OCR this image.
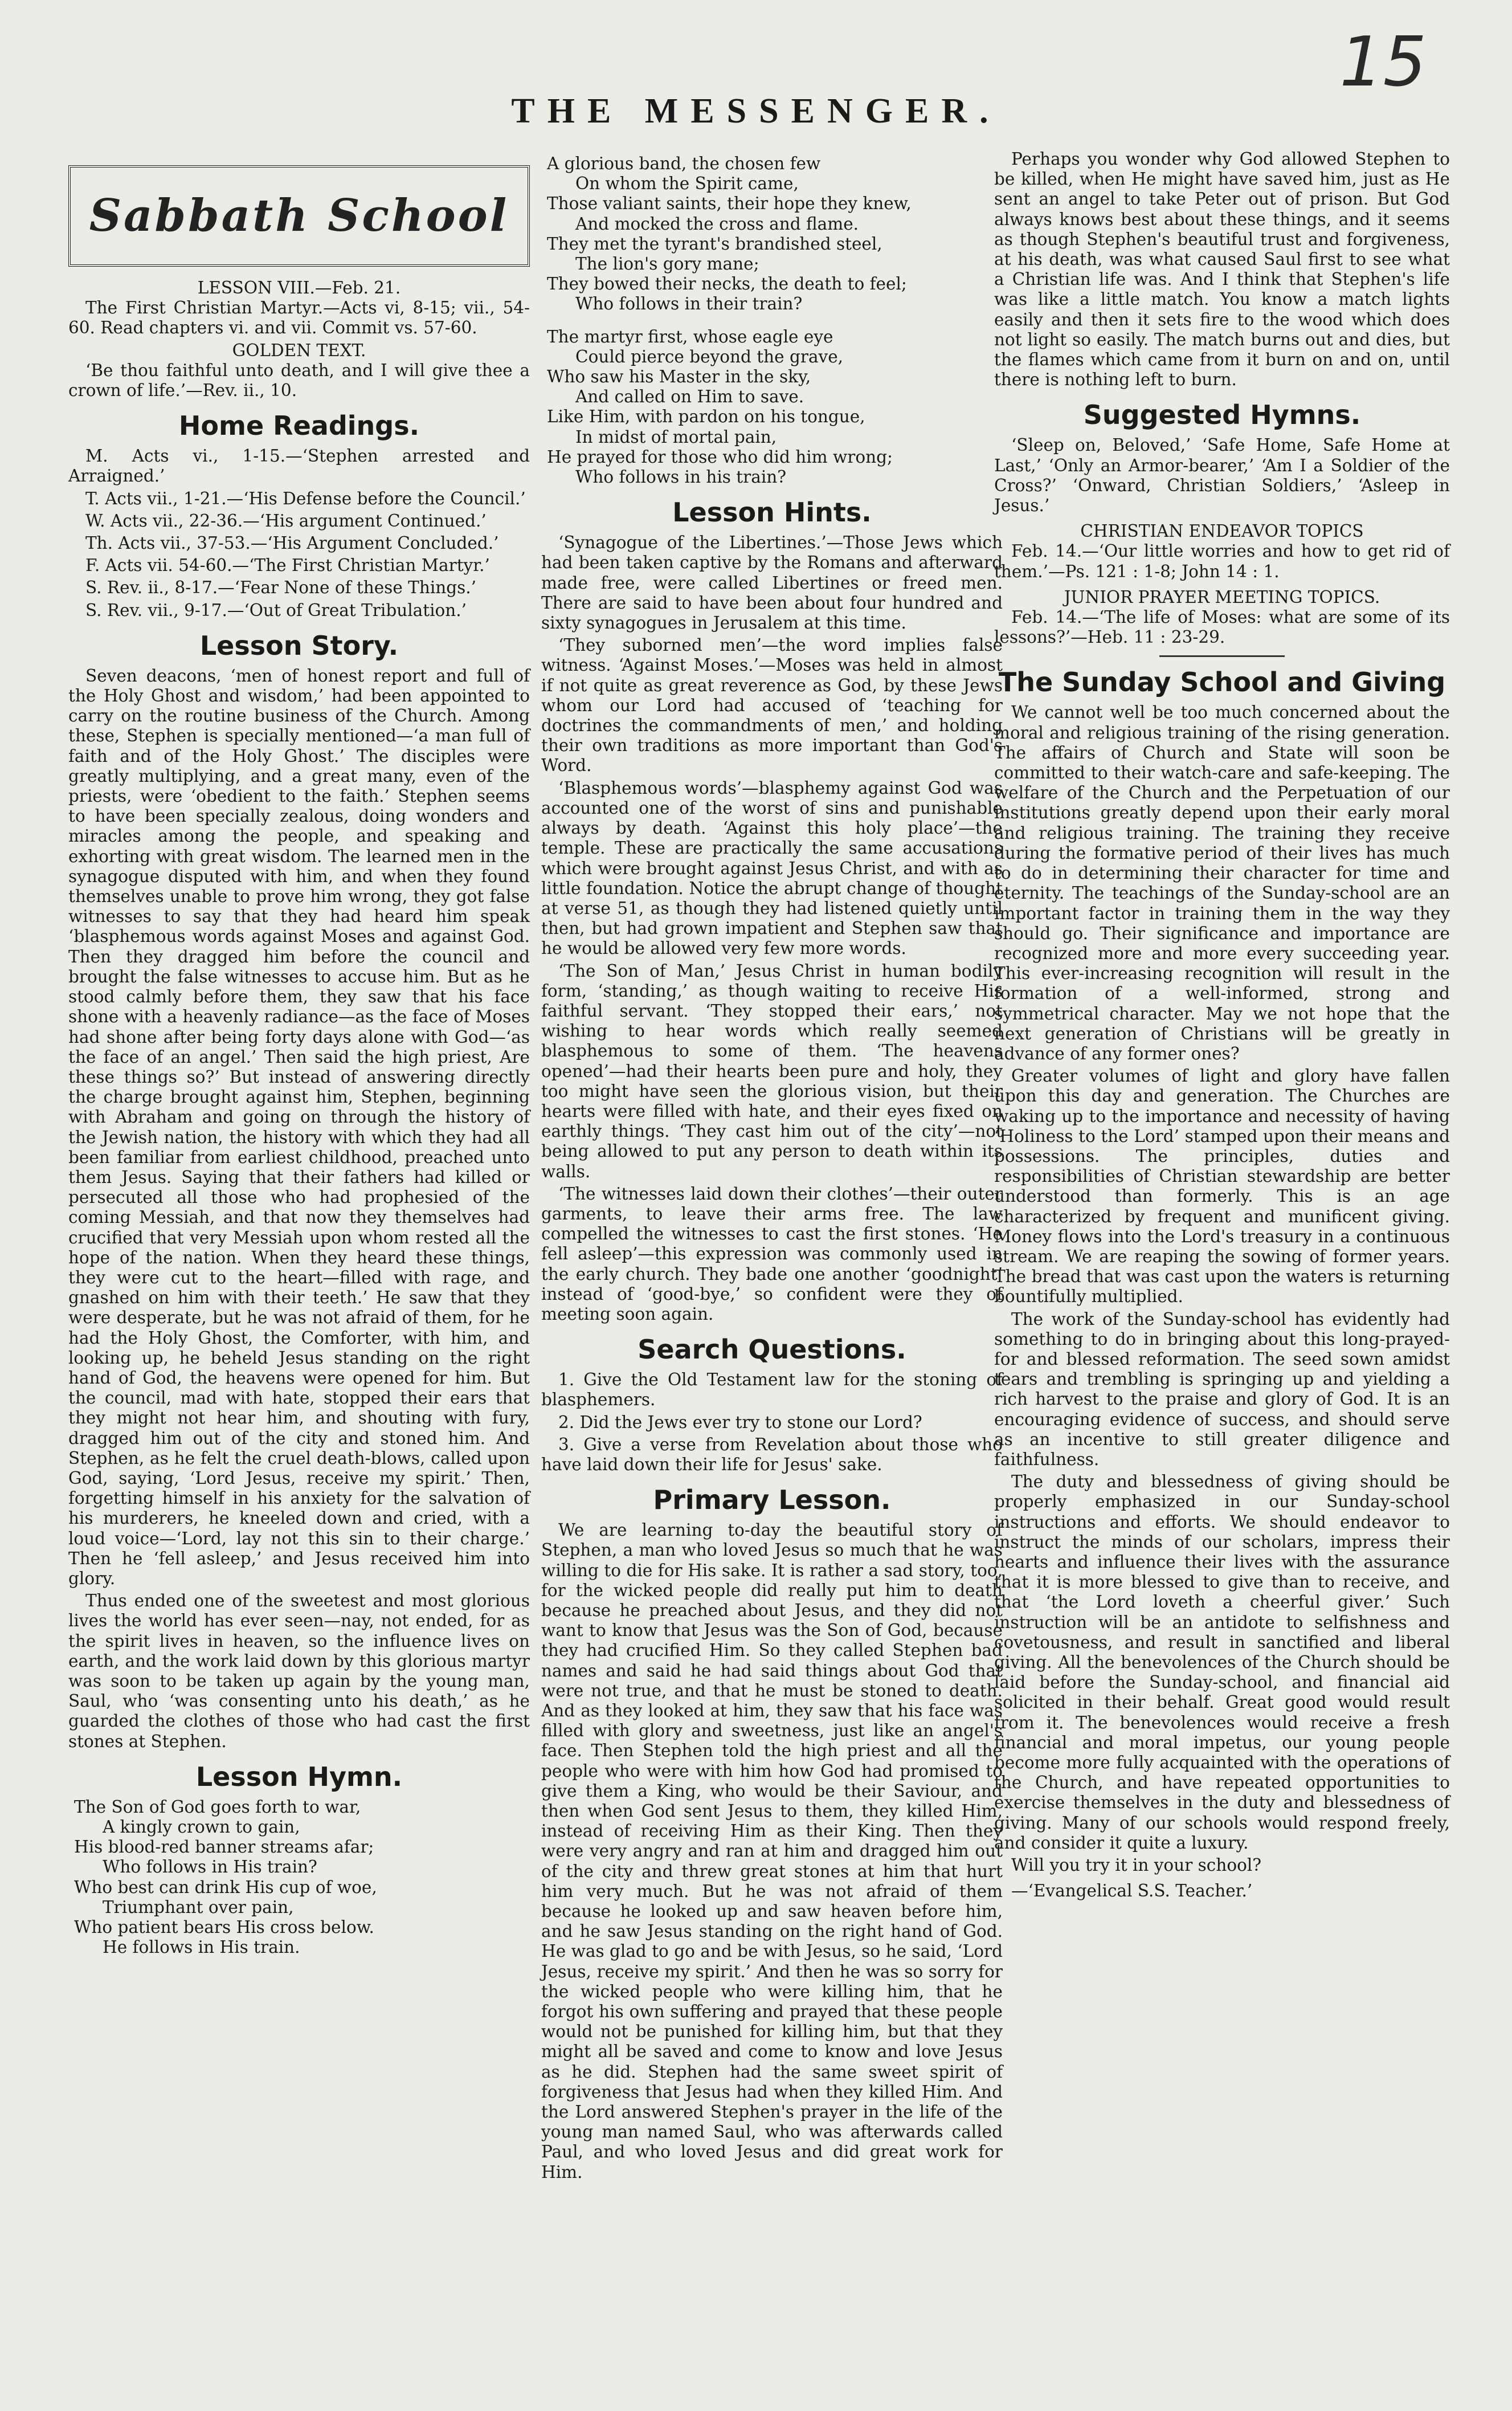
15
THE MESSENGER.
Sabbath School
LESSON VIII.—Feb. 21.

The First Christian Martyr.—Acts vi, 8-15; vii., 54-60. Read chapters vi. and vii. Commit vs. 57-60.

GOLDEN TEXT.

‘Be thou faithful unto death, and I will give thee a crown of life.’—Rev. ii., 10.

Home Readings.

M. Acts vi., 1-15.—‘Stephen arrested and Arraigned.’

T. Acts vii., 1-21.—‘His Defense before the Council.’

W. Acts vii., 22-36.—‘His argument Continued.’

Th. Acts vii., 37-53.—‘His Argument Concluded.’

F. Acts vii. 54-60.—‘The First Christian Martyr.’

S. Rev. ii., 8-17.—‘Fear None of these Things.’

S. Rev. vii., 9-17.—‘Out of Great Tribulation.’

Lesson Story.

Seven deacons, ‘men of honest report and full of the Holy Ghost and wisdom,’ had been appointed to carry on the routine business of the Church. Among these, Stephen is specially mentioned—‘a man full of faith and of the Holy Ghost.’ The disciples were greatly multiplying, and a great many, even of the priests, were ‘obedient to the faith.’ Stephen seems to have been specially zealous, doing wonders and miracles among the people, and speaking and exhorting with great wisdom. The learned men in the synagogue disputed with him, and when they found themselves unable to prove him wrong, they got false witnesses to say that they had heard him speak ‘blasphemous words against Moses and against God. Then they dragged him before the council and brought the false witnesses to accuse him. But as he stood calmly before them, they saw that his face shone with a heavenly radiance—as the face of Moses had shone after being forty days alone with God—‘as the face of an angel.’ Then said the high priest, Are these things so?’ But instead of answering directly the charge brought against him, Stephen, beginning with Abraham and going on through the history of the Jewish nation, the history with which they had all been familiar from earliest childhood, preached unto them Jesus. Saying that their fathers had killed or persecuted all those who had prophesied of the coming Messiah, and that now they themselves had crucified that very Messiah upon whom rested all the hope of the nation. When they heard these things, they were cut to the heart—filled with rage, and gnashed on him with their teeth.’ He saw that they were desperate, but he was not afraid of them, for he had the Holy Ghost, the Comforter, with him, and looking up, he beheld Jesus standing on the right hand of God, the heavens were opened for him. But the council, mad with hate, stopped their ears that they might not hear him, and shouting with fury, dragged him out of the city and stoned him. And Stephen, as he felt the cruel death-blows, called upon God, saying, ‘Lord Jesus, receive my spirit.’ Then, forgetting himself in his anxiety for the salvation of his murderers, he kneeled down and cried, with a loud voice—‘Lord, lay not this sin to their charge.’ Then he ‘fell asleep,’ and Jesus received him into glory.

Thus ended one of the sweetest and most glorious lives the world has ever seen—nay, not ended, for as the spirit lives in heaven, so the influence lives on earth, and the work laid down by this glorious martyr was soon to be taken up again by the young man, Saul, who ‘was consenting unto his death,’ as he guarded the clothes of those who had cast the first stones at Stephen.

Lesson Hymn.

The Son of God goes forth to war,

A kingly crown to gain,

His blood-red banner streams afar;

Who follows in His train?

Who best can drink His cup of woe,

Triumphant over pain,

Who patient bears His cross below.

He follows in His train.

A glorious band, the chosen few

On whom the Spirit came,

Those valiant saints, their hope they knew,

And mocked the cross and flame.

They met the tyrant's brandished steel,

The lion's gory mane;

They bowed their necks, the death to feel;

Who follows in their train?

The martyr first, whose eagle eye

Could pierce beyond the grave,

Who saw his Master in the sky,

And called on Him to save.

Like Him, with pardon on his tongue,

In midst of mortal pain,

He prayed for those who did him wrong;

Who follows in his train?

Lesson Hints.

‘Synagogue of the Libertines.’—Those Jews which had been taken captive by the Romans and afterward made free, were called Libertines or freed men. There are said to have been about four hundred and sixty synagogues in Jerusalem at this time.

‘They suborned men’—the word implies false witness. ‘Against Moses.’—Moses was held in almost if not quite as great reverence as God, by these Jews whom our Lord had accused of ‘teaching for doctrines the commandments of men,’ and holding their own traditions as more important than God's Word.

‘Blasphemous words’—blasphemy against God was accounted one of the worst of sins and punishable always by death. ‘Against this holy place’—the temple. These are practically the same accusations which were brought against Jesus Christ, and with as little foundation. Notice the abrupt change of thought at verse 51, as though they had listened quietly until then, but had grown impatient and Stephen saw that he would be allowed very few more words.

‘The Son of Man,’ Jesus Christ in human bodily form, ‘standing,’ as though waiting to receive His faithful servant. ‘They stopped their ears,’ not wishing to hear words which really seemed blasphemous to some of them. ‘The heavens opened’—had their hearts been pure and holy, they too might have seen the glorious vision, but their hearts were filled with hate, and their eyes fixed on earthly things. ‘They cast him out of the city’—not being allowed to put any person to death within its walls.

‘The witnesses laid down their clothes’—their outer garments, to leave their arms free. The law compelled the witnesses to cast the first stones. ‘He fell asleep’—this expression was commonly used in the early church. They bade one another ‘goodnight’ instead of ‘good-bye,’ so confident were they of meeting soon again.

Search Questions.

1. Give the Old Testament law for the stoning of blasphemers.

2. Did the Jews ever try to stone our Lord?

3. Give a verse from Revelation about those who have laid down their life for Jesus' sake.

Primary Lesson.

We are learning to-day the beautiful story of Stephen, a man who loved Jesus so much that he was willing to die for His sake. It is rather a sad story, too, for the wicked people did really put him to death because he preached about Jesus, and they did not want to know that Jesus was the Son of God, because they had crucified Him. So they called Stephen bad names and said he had said things about God that were not true, and that he must be stoned to death. And as they looked at him, they saw that his face was filled with glory and sweetness, just like an angel's face. Then Stephen told the high priest and all the people who were with him how God had promised to give them a King, who would be their Saviour, and then when God sent Jesus to them, they killed Him, instead of receiving Him as their King. Then they were very angry and ran at him and dragged him out of the city and threw great stones at him that hurt him very much. But he was not afraid of them because he looked up and saw heaven before him, and he saw Jesus standing on the right hand of God. He was glad to go and be with Jesus, so he said, ‘Lord Jesus, receive my spirit.’ And then he was so sorry for the wicked people who were killing him, that he forgot his own suffering and prayed that these people would not be punished for killing him, but that they might all be saved and come to know and love Jesus as he did. Stephen had the same sweet spirit of forgiveness that Jesus had when they killed Him. And the Lord answered Stephen's prayer in the life of the young man named Saul, who was afterwards called Paul, and who loved Jesus and did great work for Him.

Perhaps you wonder why God allowed Stephen to be killed, when He might have saved him, just as He sent an angel to take Peter out of prison. But God always knows best about these things, and it seems as though Stephen's beautiful trust and forgiveness, at his death, was what caused Saul first to see what a Christian life was. And I think that Stephen's life was like a little match. You know a match lights easily and then it sets fire to the wood which does not light so easily. The match burns out and dies, but the flames which came from it burn on and on, until there is nothing left to burn.

Suggested Hymns.

‘Sleep on, Beloved,’ ‘Safe Home, Safe Home at Last,’ ‘Only an Armor-bearer,’ ‘Am I a Soldier of the Cross?’ ‘Onward, Christian Soldiers,’ ‘Asleep in Jesus.’

CHRISTIAN ENDEAVOR TOPICS

Feb. 14.—‘Our little worries and how to get rid of them.’—Ps. 121 : 1-8; John 14 : 1.

JUNIOR PRAYER MEETING TOPICS.

Feb. 14.—‘The life of Moses: what are some of its lessons?’—Heb. 11 : 23-29.

The Sunday School and Giving

We cannot well be too much concerned about the moral and religious training of the rising generation. The affairs of Church and State will soon be committed to their watch-care and safe-keeping. The welfare of the Church and the Perpetuation of our institutions greatly depend upon their early moral and religious training. The training they receive during the formative period of their lives has much to do in determining their character for time and eternity. The teachings of the Sunday-school are an important factor in training them in the way they should go. Their significance and importance are recognized more and more every succeeding year. This ever-increasing recognition will result in the formation of a well-informed, strong and symmetrical character. May we not hope that the next generation of Christians will be greatly in advance of any former ones?

Greater volumes of light and glory have fallen upon this day and generation. The Churches are waking up to the importance and necessity of having ‘Holiness to the Lord’ stamped upon their means and possessions. The principles, duties and responsibilities of Christian stewardship are better understood than formerly. This is an age characterized by frequent and munificent giving. Money flows into the Lord's treasury in a continuous stream. We are reaping the sowing of former years. The bread that was cast upon the waters is returning bountifully multiplied.

The work of the Sunday-school has evidently had something to do in bringing about this long-prayed-for and blessed reformation. The seed sown amidst tears and trembling is springing up and yielding a rich harvest to the praise and glory of God. It is an encouraging evidence of success, and should serve as an incentive to still greater diligence and faithfulness.

The duty and blessedness of giving should be properly emphasized in our Sunday-school instructions and efforts. We should endeavor to instruct the minds of our scholars, impress their hearts and influence their lives with the assurance that it is more blessed to give than to receive, and that ‘the Lord loveth a cheerful giver.’ Such instruction will be an antidote to selfishness and covetousness, and result in sanctified and liberal giving. All the benevolences of the Church should be laid before the Sunday-school, and financial aid solicited in their behalf. Great good would result from it. The benevolences would receive a fresh financial and moral impetus, our young people become more fully acquainted with the operations of the Church, and have repeated opportunities to exercise themselves in the duty and blessedness of giving. Many of our schools would respond freely, and consider it quite a luxury.

Will you try it in your school?

—‘Evangelical S.S. Teacher.’
